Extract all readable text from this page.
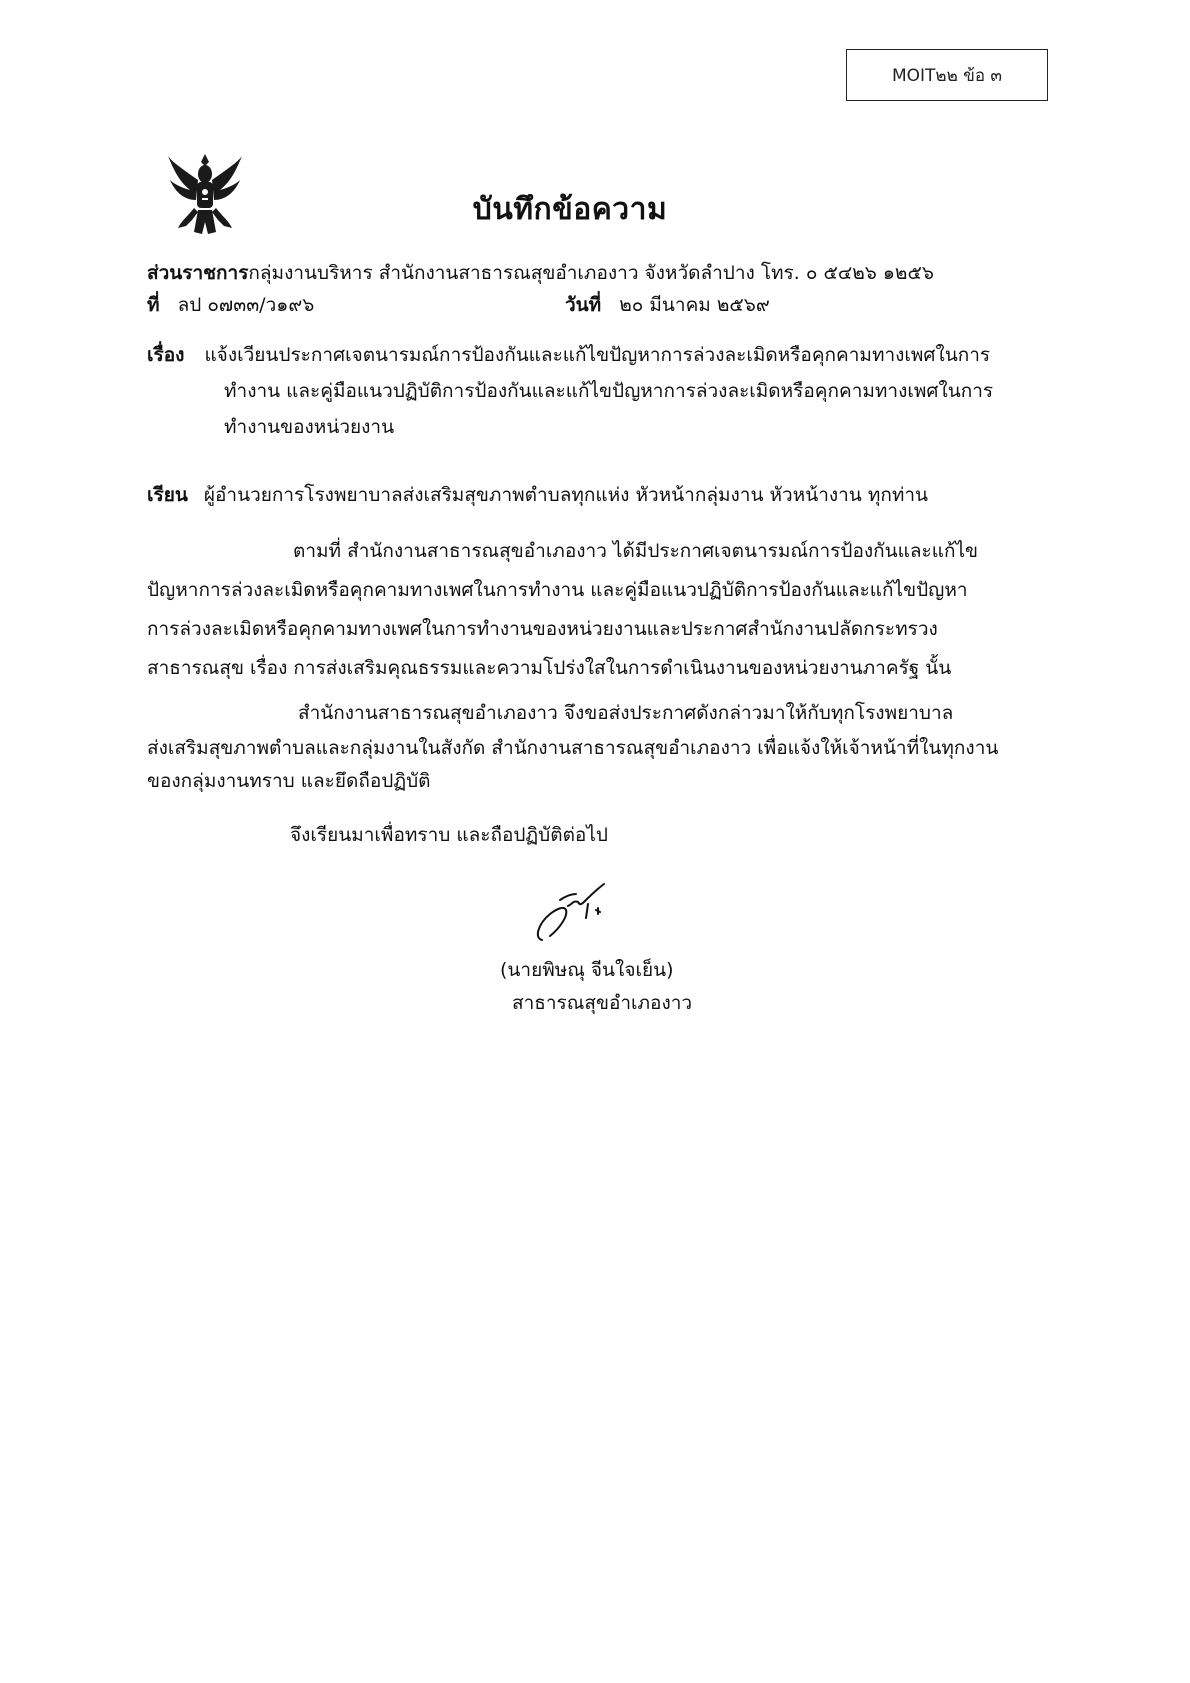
MOIT๒๒ ข้อ ๓
บันทึกข้อความ
ส่วนราชการกลุ่มงานบริหาร สำนักงานสาธารณสุขอำเภองาว จังหวัดลำปาง โทร. ๐ ๕๔๒๖ ๑๒๕๖
ที่ ลป ๐๗๓๓/ว๑๙๖	วันที่ ๒๐ มีนาคม ๒๕๖๙
เรื่อง แจ้งเวียนประกาศเจตนารมณ์การป้องกันและแก้ไขปัญหาการล่วงละเมิดหรือคุกคามทางเพศในการ
ทำงาน และคู่มือแนวปฏิบัติการป้องกันและแก้ไขปัญหาการล่วงละเมิดหรือคุกคามทางเพศในการ
ทำงานของหน่วยงาน
เรียน ผู้อำนวยการโรงพยาบาลส่งเสริมสุขภาพตำบลทุกแห่ง หัวหน้ากลุ่มงาน หัวหน้างาน ทุกท่าน
ตามที่ สำนักงานสาธารณสุขอำเภองาว ได้มีประกาศเจตนารมณ์การป้องกันและแก้ไข
ปัญหาการล่วงละเมิดหรือคุกคามทางเพศในการทำงาน และคู่มือแนวปฏิบัติการป้องกันและแก้ไขปัญหา
การล่วงละเมิดหรือคุกคามทางเพศในการทำงานของหน่วยงานและประกาศสำนักงานปลัดกระทรวง
สาธารณสุข เรื่อง การส่งเสริมคุณธรรมและความโปร่งใสในการดำเนินงานของหน่วยงานภาครัฐ นั้น
สำนักงานสาธารณสุขอำเภองาว จึงขอส่งประกาศดังกล่าวมาให้กับทุกโรงพยาบาล
ส่งเสริมสุขภาพตำบลและกลุ่มงานในสังกัด สำนักงานสาธารณสุขอำเภองาว เพื่อแจ้งให้เจ้าหน้าที่ในทุกงาน
ของกลุ่มงานทราบ และยึดถือปฏิบัติ
จึงเรียนมาเพื่อทราบ และถือปฏิบัติต่อไป
(นายพิษณุ จีนใจเย็น)
สาธารณสุขอำเภองาว
